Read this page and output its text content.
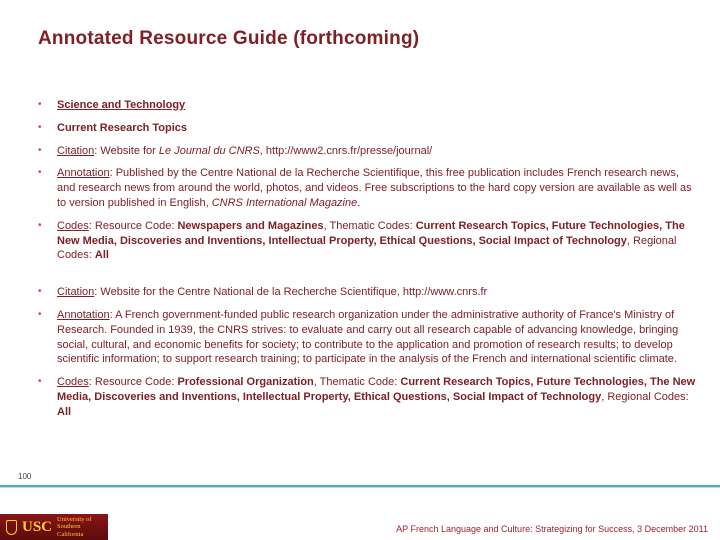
Annotated Resource Guide (forthcoming)
•	Science and Technology
•	Current Research Topics
•	Citation: Website for Le Journal du CNRS, http://www2.cnrs.fr/presse/journal/
•	Annotation: Published by the Centre National de la Recherche Scientifique, this free publication includes French research news, and research news from around the world, photos, and videos. Free subscriptions to the hard copy version are available as well as to version published in English, CNRS International Magazine.
•	Codes: Resource Code: Newspapers and Magazines, Thematic Codes: Current Research Topics, Future Technologies, The New Media, Discoveries and Inventions, Intellectual Property, Ethical Questions, Social Impact of Technology, Regional Codes: All
•	Citation: Website for the Centre National de la Recherche Scientifique, http://www.cnrs.fr
•	Annotation: A French government-funded public research organization under the administrative authority of France's Ministry of Research. Founded in 1939, the CNRS strives: to evaluate and carry out all research capable of advancing knowledge, bringing social, cultural, and economic benefits for society; to contribute to the application and promotion of research results; to develop scientific information; to support research training; to participate in the analysis of the French and international scientific climate.
•	Codes: Resource Code: Professional Organization, Thematic Code: Current Research Topics, Future Technologies, The New Media, Discoveries and Inventions, Intellectual Property, Ethical Questions, Social Impact of Technology, Regional Codes: All
100
USC University of
Southern California
AP French Language and Culture: Strategizing for Success, 3 December 2011
